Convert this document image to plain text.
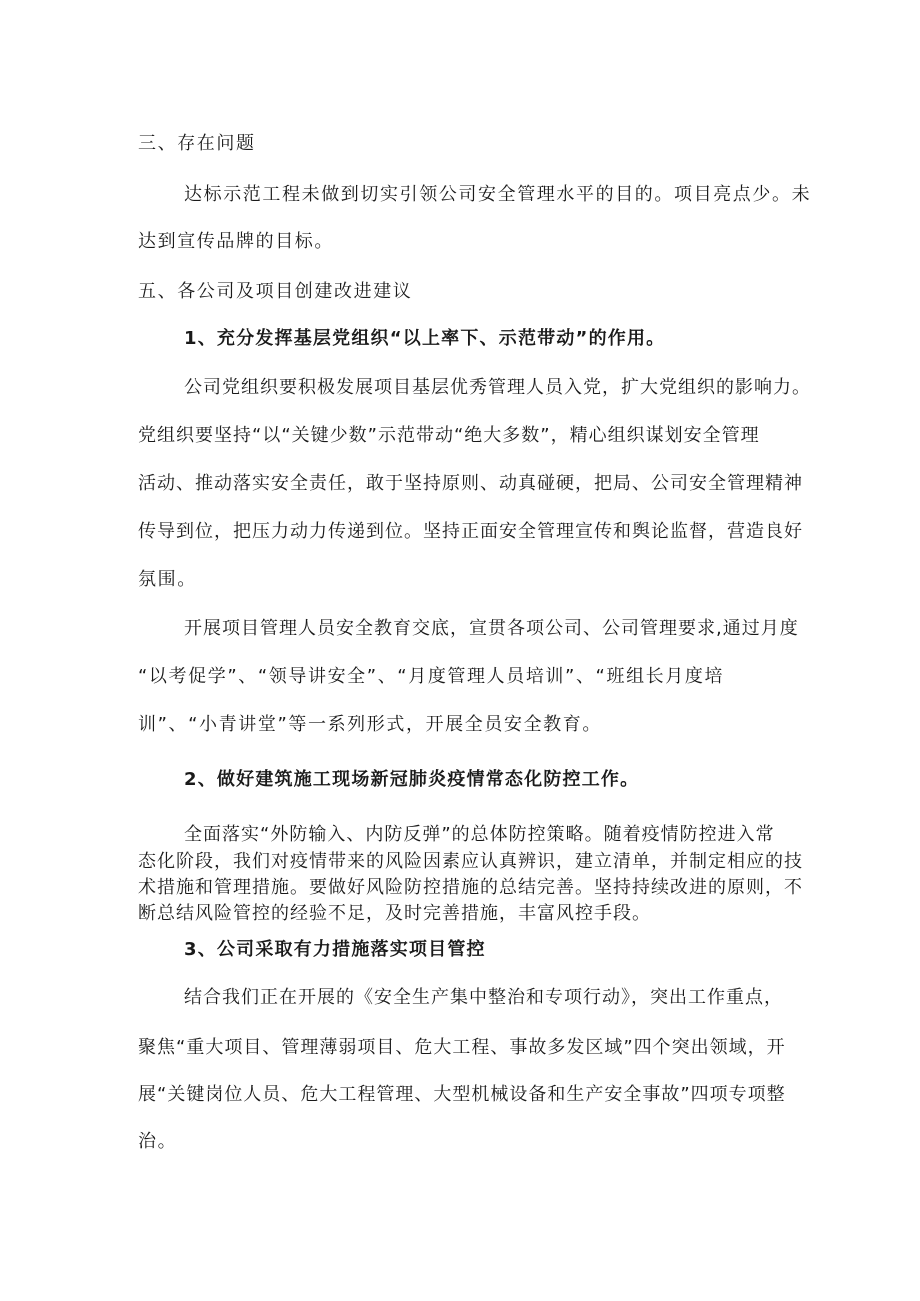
三、存在问题
达标示范工程未做到切实引领公司安全管理水平的目的。项目亮点少。未
达到宣传品牌的目标。
五、各公司及项目创建改进建议
1、充分发挥基层党组织“以上率下、示范带动”的作用。
公司党组织要积极发展项目基层优秀管理人员入党，扩大党组织的影响力。
党组织要坚持“以“关键少数”示范带动“绝大多数”，精心组织谋划安全管理
活动、推动落实安全责任，敢于坚持原则、动真碰硬，把局、公司安全管理精神
传导到位，把压力动力传递到位。坚持正面安全管理宣传和舆论监督，营造良好
氛围。
开展项目管理人员安全教育交底，宣贯各项公司、公司管理要求,通过月度
“以考促学”、“领导讲安全”、“月度管理人员培训”、“班组长月度培
训”、“小青讲堂”等一系列形式，开展全员安全教育。
2、做好建筑施工现场新冠肺炎疫情常态化防控工作。
全面落实“外防输入、内防反弹”的总体防控策略。随着疫情防控进入常
态化阶段，我们对疫情带来的风险因素应认真辨识，建立清单，并制定相应的技
术措施和管理措施。要做好风险防控措施的总结完善。坚持持续改进的原则，不
断总结风险管控的经验不足，及时完善措施，丰富风控手段。
3、公司采取有力措施落实项目管控
结合我们正在开展的《安全生产集中整治和专项行动》，突出工作重点，
聚焦“重大项目、管理薄弱项目、危大工程、事故多发区域”四个突出领域，开
展“关键岗位人员、危大工程管理、大型机械设备和生产安全事故”四项专项整
治。
